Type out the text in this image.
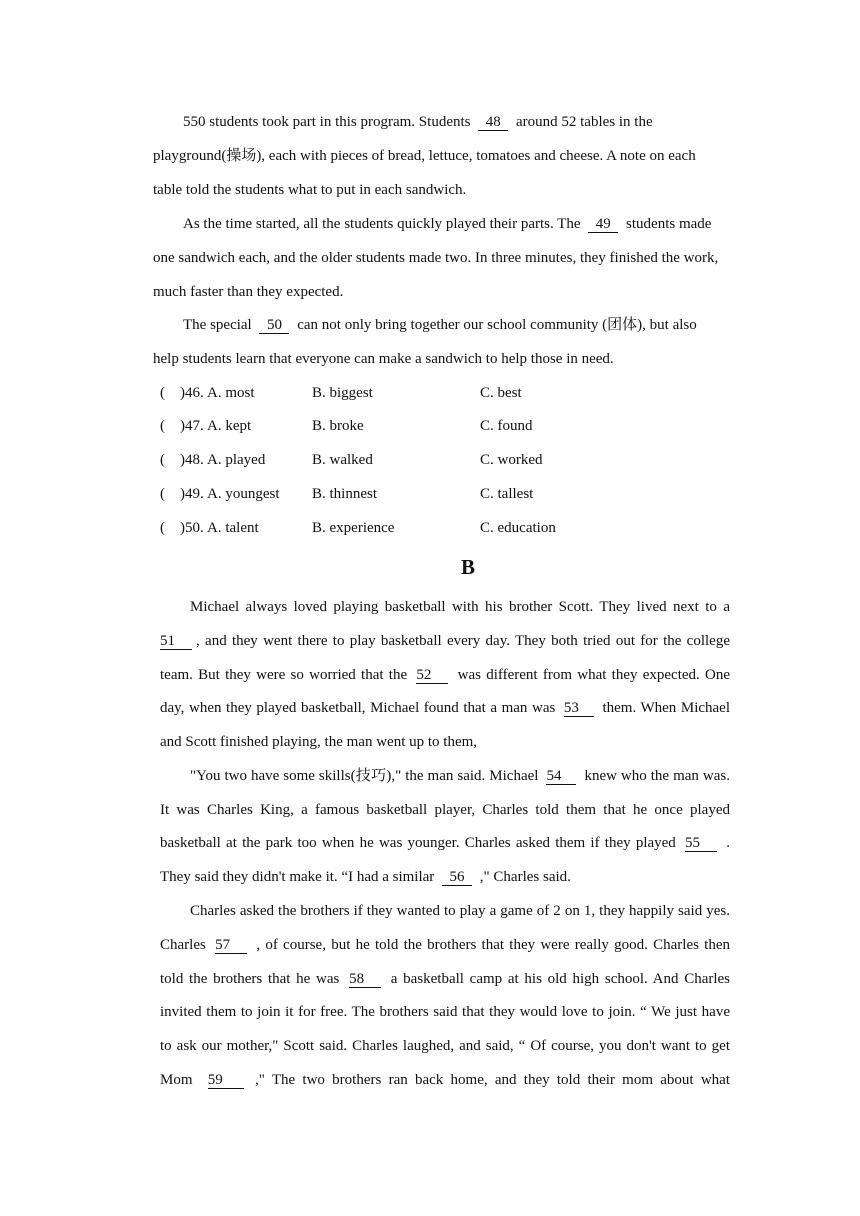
550 students took part in this program. Students 48 around 52 tables in the
playground(操场), each with pieces of bread, lettuce, tomatoes and cheese. A note on each
table told the students what to put in each sandwich.
As the time started, all the students quickly played their parts. The 49 students made
one sandwich each, and the older students made two. In three minutes, they finished the work,
much faster than they expected.
The special 50 can not only bring together our school community (团体), but also
help students learn that everyone can make a sandwich to help those in need.
( )46. A. most	B. biggest	C. best
( )47. A. kept	B. broke	C. found
( )48. A. played	B. walked	C. worked
( )49. A. youngest B. thinnest	C. tallest
( )50. A. talent	B. experience	C. education
B
Michael always loved playing basketball with his brother Scott. They lived next to a
51 , and they went there to play basketball every day. They both tried out for the college
team. But they were so worried that the 52 was different from what they expected. One
day, when they played basketball, Michael found that a man was 53 them. When Michael
and Scott finished playing, the man went up to them,
"You two have some skills(技巧)," the man said. Michael 54 knew who the man was.
It was Charles King, a famous basketball player, Charles told them that he once played
basketball at the park too when he was younger. Charles asked them if they played 55 .
They said they didn't make it. “I had a similar 56 ," Charles said.
Charles asked the brothers if they wanted to play a game of 2 on 1, they happily said yes.
Charles 57 , of course, but he told the brothers that they were really good. Charles then
told the brothers that he was 58 a basketball camp at his old high school. And Charles
invited them to join it for free. The brothers said that they would love to join. “ We just have
to ask our mother," Scott said. Charles laughed, and said, “ Of course, you don't want to get
Mom 59 ," The two brothers ran back home, and they told their mom about what
